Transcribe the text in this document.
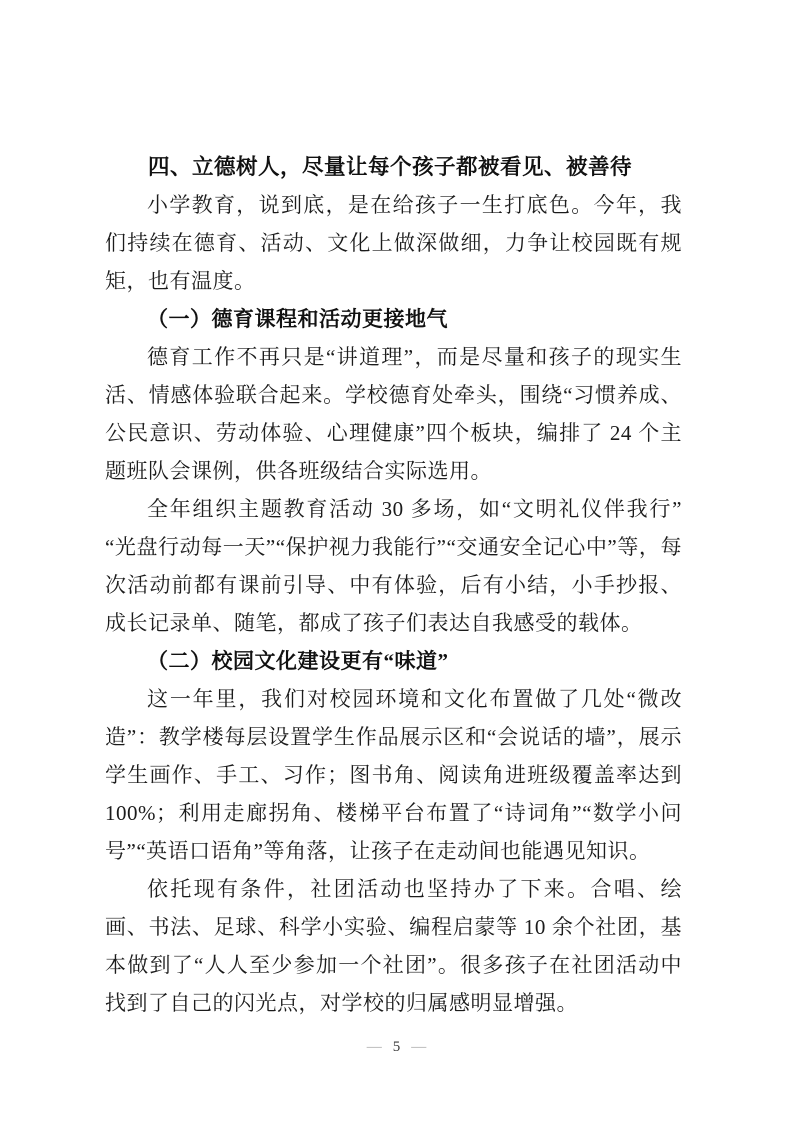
四、立德树人，尽量让每个孩子都被看见、被善待

小学教育，说到底，是在给孩子一生打底色。今年，我们持续在德育、活动、文化上做深做细，力争让校园既有规矩，也有温度。

（一）德育课程和活动更接地气

德育工作不再只是“讲道理”，而是尽量和孩子的现实生活、情感体验联合起来。学校德育处牵头，围绕“习惯养成、公民意识、劳动体验、心理健康”四个板块，编排了 24 个主题班队会课例，供各班级结合实际选用。

全年组织主题教育活动 30 多场，如“文明礼仪伴我行”“光盘行动每一天”“保护视力我能行”“交通安全记心中”等，每次活动前都有课前引导、中有体验，后有小结，小手抄报、成长记录单、随笔，都成了孩子们表达自我感受的载体。

（二）校园文化建设更有“味道”

这一年里，我们对校园环境和文化布置做了几处“微改造”：教学楼每层设置学生作品展示区和“会说话的墙”，展示学生画作、手工、习作；图书角、阅读角进班级覆盖率达到 100%；利用走廊拐角、楼梯平台布置了“诗词角”“数学小问号”“英语口语角”等角落，让孩子在走动间也能遇见知识。

依托现有条件，社团活动也坚持办了下来。合唱、绘画、书法、足球、科学小实验、编程启蒙等 10 余个社团，基本做到了“人人至少参加一个社团”。很多孩子在社团活动中找到了自己的闪光点，对学校的归属感明显增强。

— 5 —
